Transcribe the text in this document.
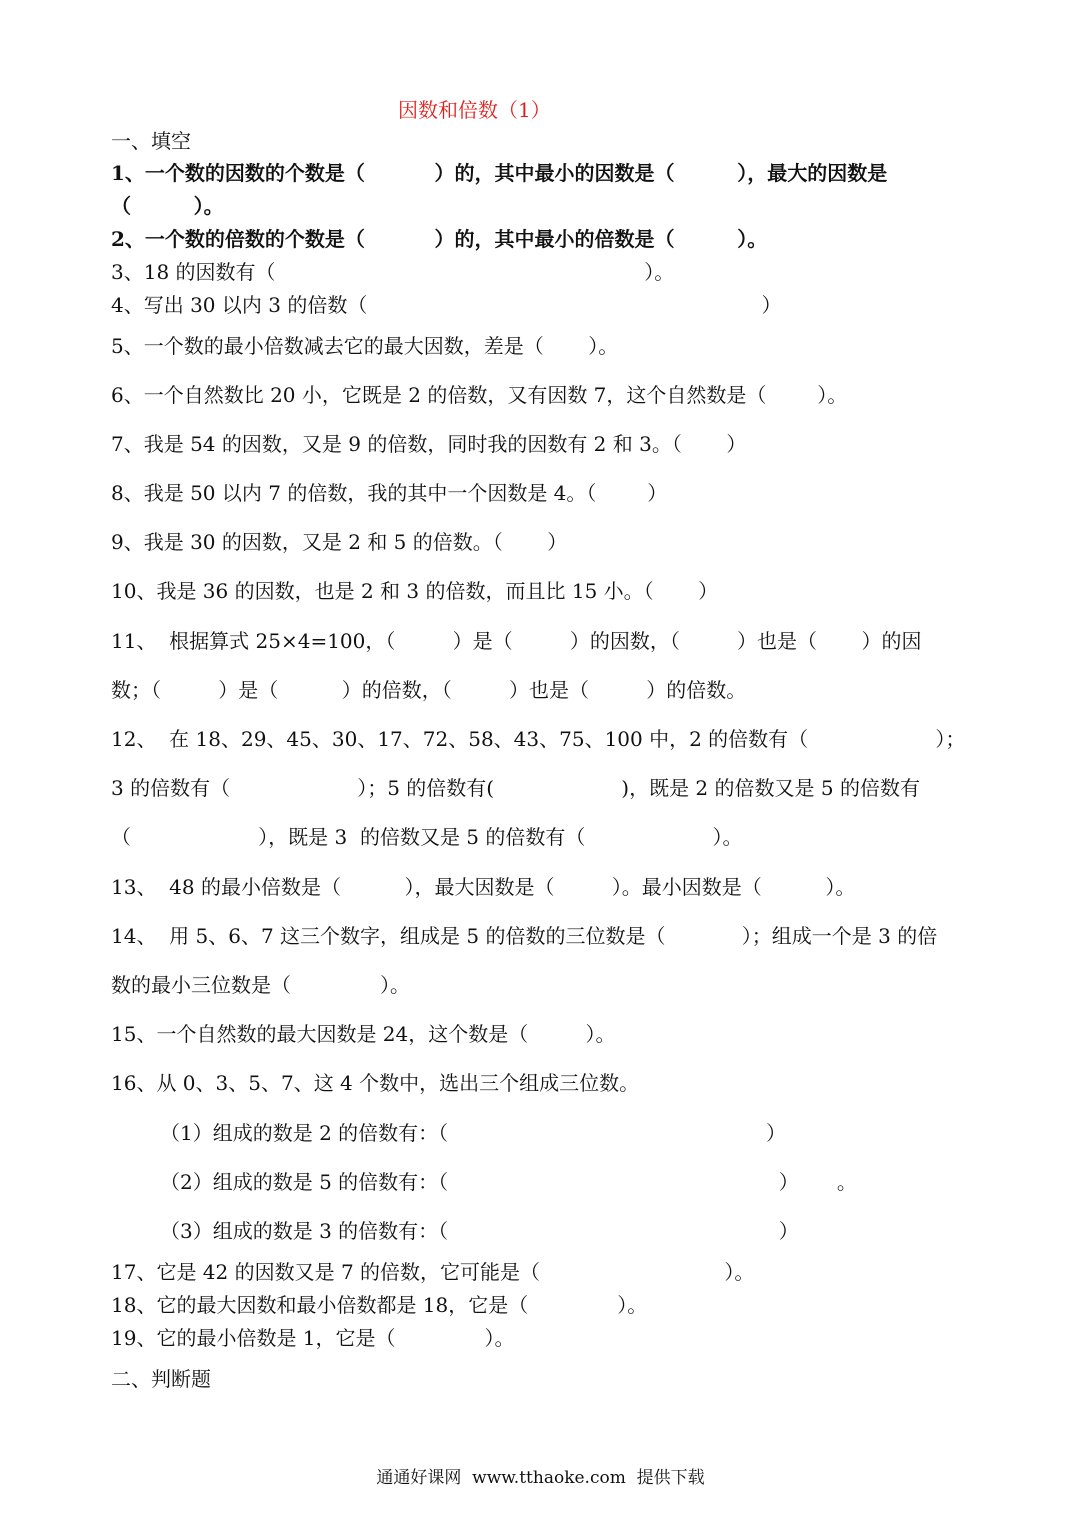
因数和倍数（1）
一、填空
1、一个数的因数的个数是（          ）的，其中最小的因数是（         ），最大的因数是
（         ）。
2、一个数的倍数的个数是（          ）的，其中最小的倍数是（         ）。
3、18 的因数有（                                                          ）。
4、写出 30 以内 3 的倍数（                                                              ）
5、一个数的最小倍数减去它的最大因数，差是（       ）。
6、一个自然数比 20 小，它既是 2 的倍数，又有因数 7，这个自然数是（        ）。
7、我是 54 的因数，又是 9 的倍数，同时我的因数有 2 和 3。（       ）
8、我是 50 以内 7 的倍数，我的其中一个因数是 4。（        ）
9、我是 30 的因数，又是 2 和 5 的倍数。（       ）
10、我是 36 的因数，也是 2 和 3 的倍数，而且比 15 小。（       ）
11、  根据算式 25×4=100，（         ）是（         ）的因数，（         ）也是（       ）的因
数；（         ）是（          ）的倍数，（         ）也是（         ）的倍数。
12、  在 18、29、45、30、17、72、58、43、75、100 中，2 的倍数有（                    ）；
3 的倍数有（                    ）；5 的倍数有(                    )，既是 2 的倍数又是 5 的倍数有
（                    ），既是 3  的倍数又是 5 的倍数有（                    ）。
13、  48 的最小倍数是（          ），最大因数是（         ）。最小因数是（          ）。
14、  用 5、6、7 这三个数字，组成是 5 的倍数的三位数是（            ）；组成一个是 3 的倍
数的最小三位数是（              ）。
15、一个自然数的最大因数是 24，这个数是（         ）。
16、从 0、3、5、7、这 4 个数中，选出三个组成三位数。
（1）组成的数是 2 的倍数有：（                                                  ）
（2）组成的数是 5 的倍数有：（                                                    ）      。
（3）组成的数是 3 的倍数有：（                                                    ）
17、它是 42 的因数又是 7 的倍数，它可能是（                             ）。
18、它的最大因数和最小倍数都是 18，它是（              ）。
19、它的最小倍数是 1，它是（              ）。
二、判断题
通通好课网  www.tthaoke.com  提供下载
